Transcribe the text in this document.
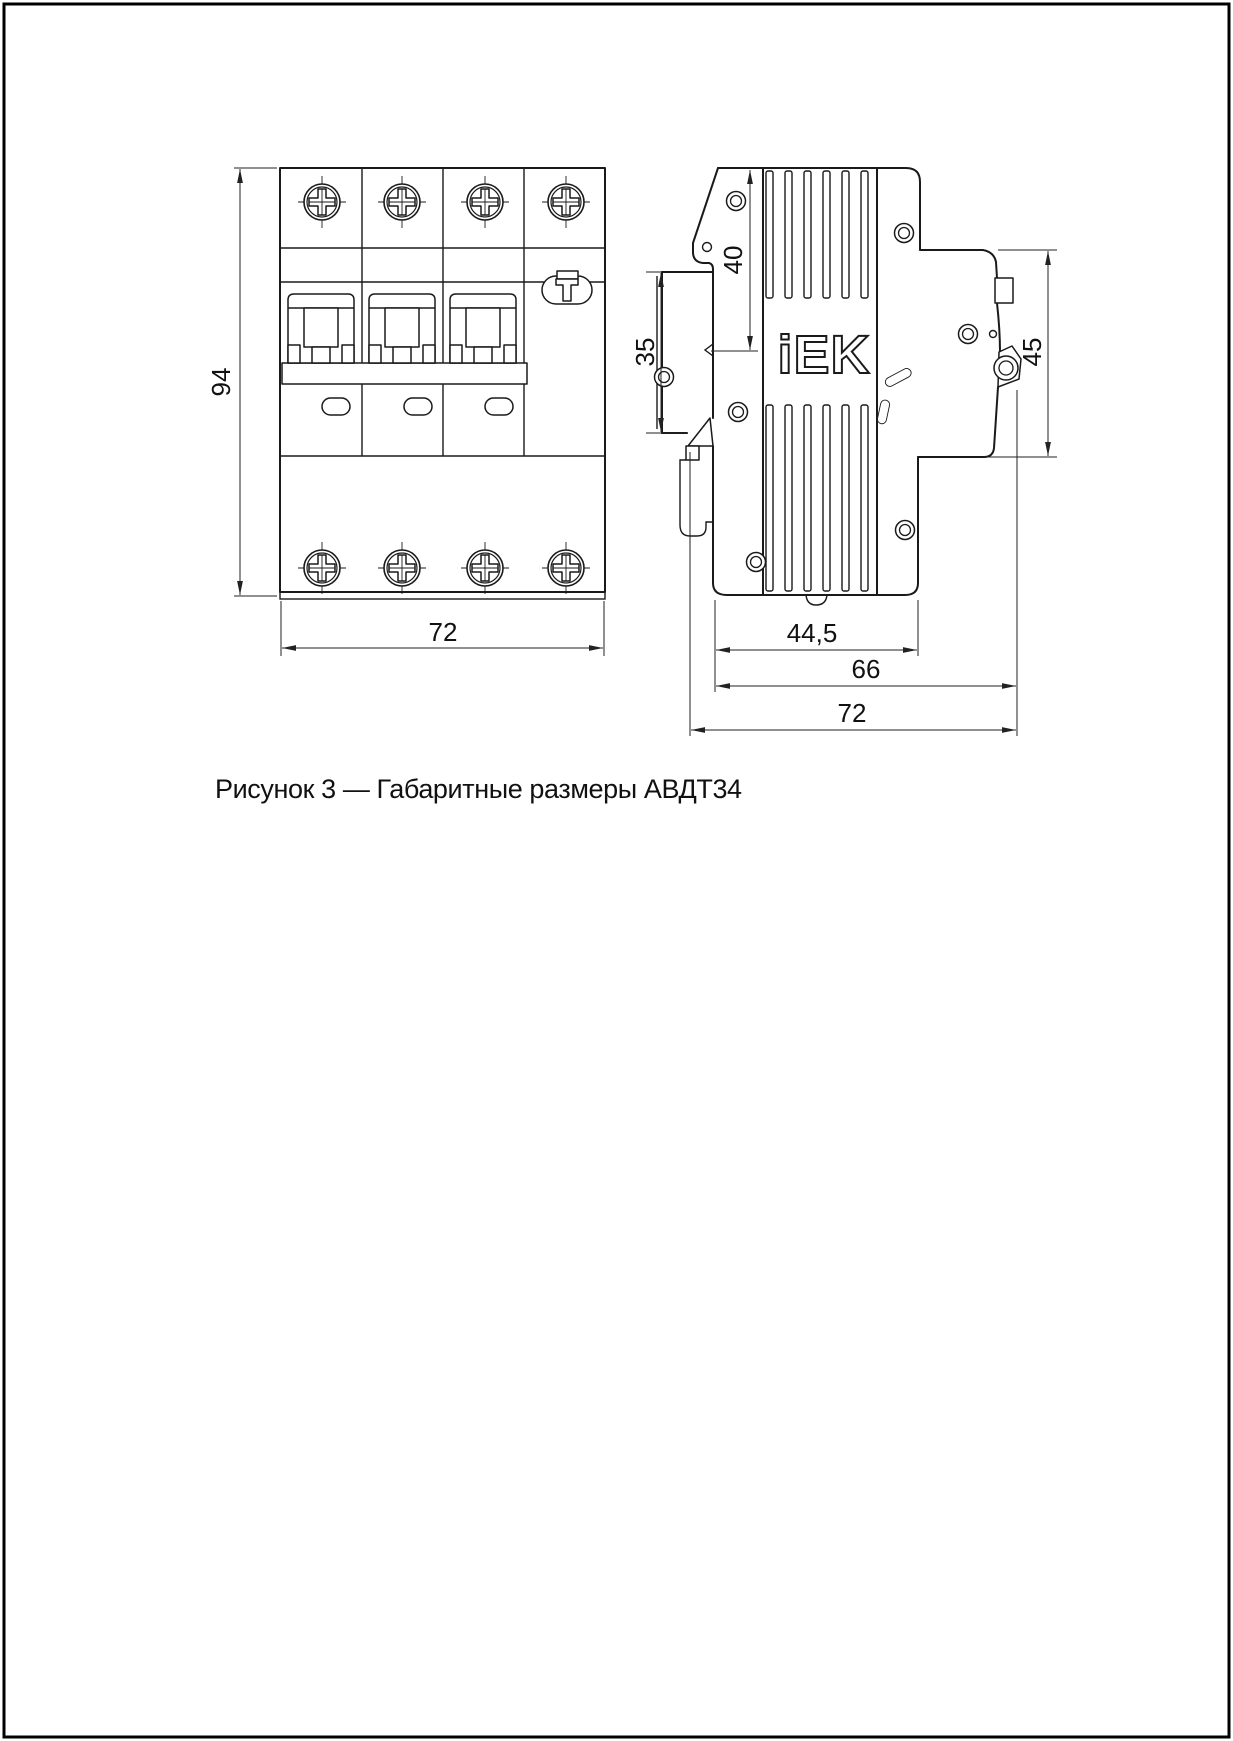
94
72
iEK
40
35	45
44,5
66
72
Рисунок 3 — Габаритные размеры АВДТ34
